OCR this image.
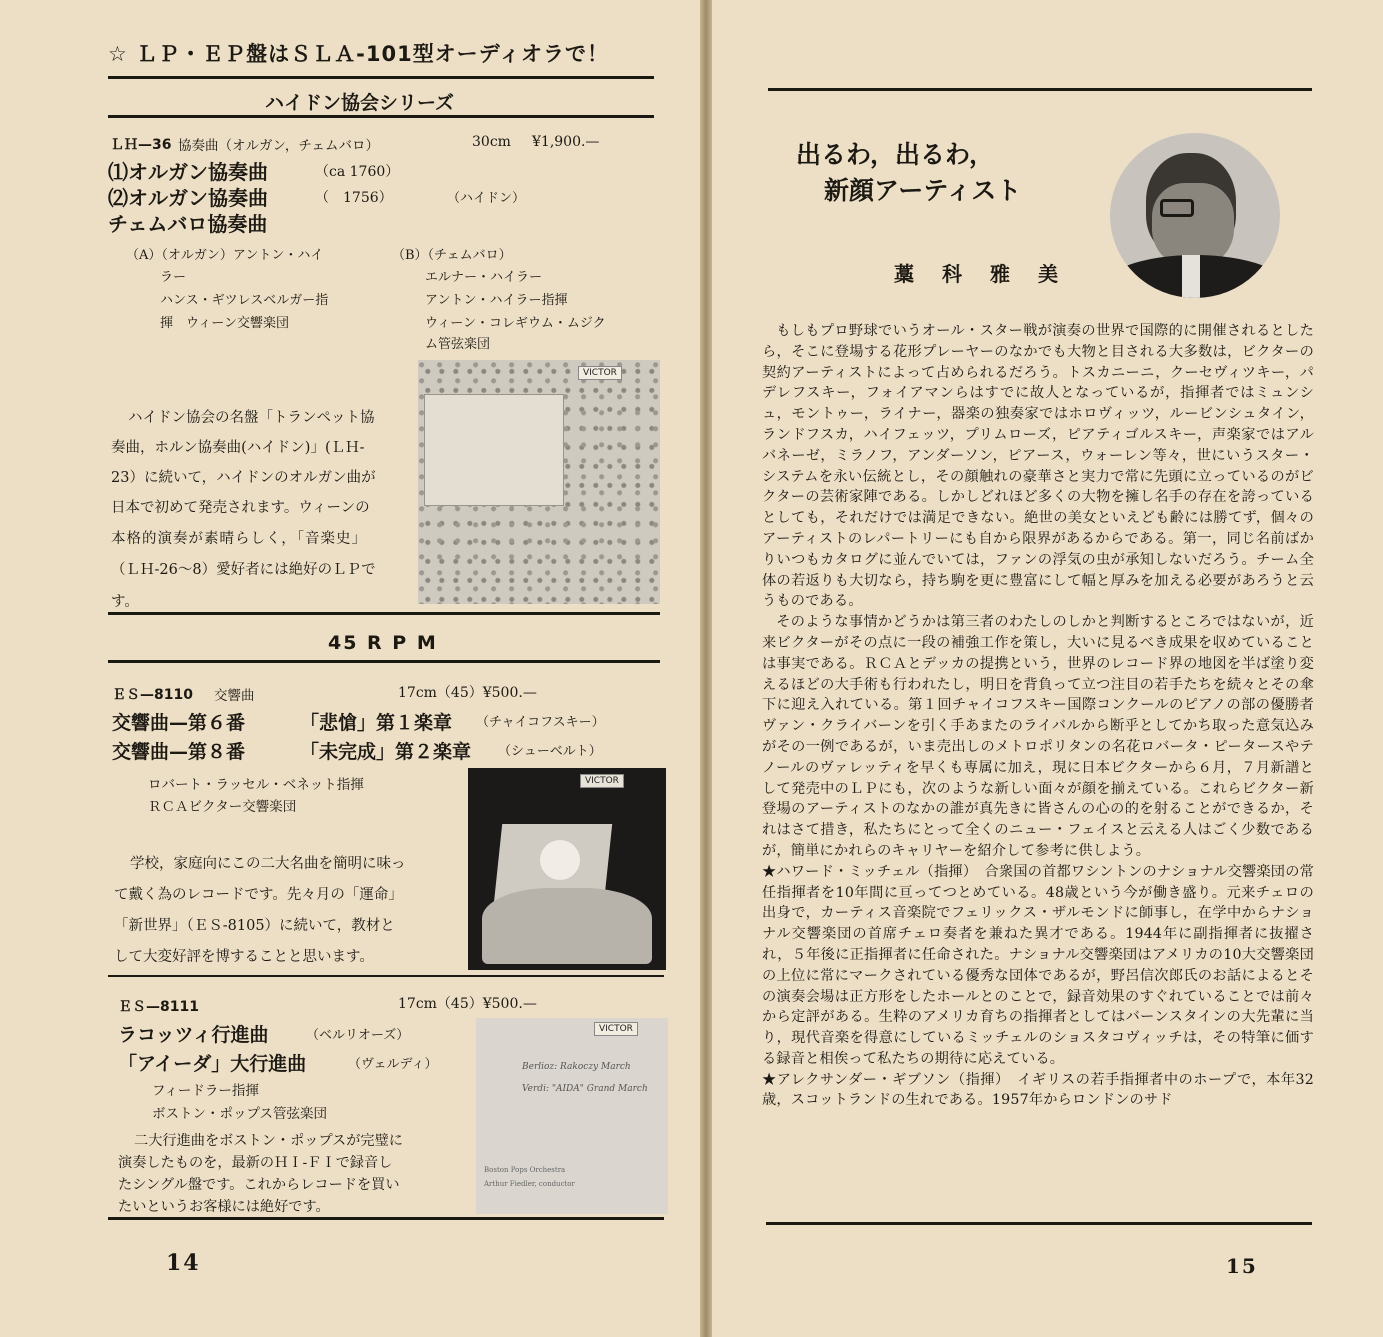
☆ ＬＰ・ＥＰ盤はＳＬＡ-101型オーディオラで！
ハイドン協会シリーズ
ＬＨ—36 協奏曲（オルガン，チェムバロ）	30cm ¥1,900.—
⑴オルガン協奏曲	（ca 1760）
⑵オルガン協奏曲	（　1756）	（ハイドン）
チェムバロ協奏曲
（A）（オルガン）アントン・ハイ
ラー
ハンス・ギツレスベルガー指
揮　ウィーン交響楽団
（B）（チェムバロ）
エルナー・ハイラー
アントン・ハイラー指揮
ウィーン・コレギウム・ムジク
ム管弦楽団
VICTOR
ハイドン協会の名盤「トランペット協
奏曲，ホルン協奏曲(ハイドン)」(ＬＨ-
23）に続いて，ハイドンのオルガン曲が
日本で初めて発売されます。ウィーンの
本格的演奏が素晴らしく，「音楽史」
（ＬＨ-26〜8）愛好者には絶好のＬＰで
す。
45 R P M
ＥＳ—8110 交響曲	17cm（45）¥500.—
交響曲—第６番	「悲愴」第１楽章 （チャイコフスキー）
交響曲—第８番	「未完成」第２楽章 （シューベルト）
ロバート・ラッセル・ベネット指揮
ＲＣＡビクター交響楽団
VICTOR
学校，家庭向にこの二大名曲を簡明に味っ
て戴く為のレコードです。先々月の「運命」
「新世界」（ＥＳ-8105）に続いて，教材と
して大変好評を博することと思います。
ＥＳ—8111	17cm（45）¥500.—
ラコッツィ行進曲	（ベルリオーズ）
「アイーダ」大行進曲	（ヴェルディ）
フィードラー指揮
ボストン・ポップス管弦楽団
VICTOR
Berlioz: Rakoczy March
Verdi: "AIDA" Grand March
Boston Pops Orchestra
Arthur Fiedler, conductor
二大行進曲をボストン・ポップスが完璧に
演奏したものを，最新のＨＩ-ＦＩで録音し
たシングル盤です。これからレコードを買い
たいというお客様には絶好です。
14
出るわ，出るわ，
新顔アーティスト
藁　科　雅　美

もしもプロ野球でいうオール・スター戦が演奏の世界で国際的に開催されるとしたら，そこに登場する花形プレーヤーのなかでも大物と目される大多数は，ビクターの契約アーティストによって占められるだろう。トスカニーニ，クーセヴィツキー，パデレフスキー，フォイアマンらはすでに故人となっているが，指揮者ではミュンシュ，モントゥー，ライナー，器楽の独奏家ではホロヴィッツ，ルービンシュタイン，ランドフスカ，ハイフェッツ，プリムローズ，ピアティゴルスキー，声楽家ではアルバネーゼ，ミラノフ，アンダーソン，ピアース，ウォーレン等々，世にいうスター・システムを永い伝統とし，その顔触れの豪華さと実力で常に先頭に立っているのがビクターの芸術家陣である。しかしどれほど多くの大物を擁し名手の存在を誇っているとしても，それだけでは満足できない。絶世の美女といえども齢には勝てず，個々のアーティストのレパートリーにも自から限界があるからである。第一，同じ名前ばかりいつもカタログに並んでいては，ファンの浮気の虫が承知しないだろう。チーム全体の若返りも大切なら，持ち駒を更に豊富にして幅と厚みを加える必要があろうと云うものである。

そのような事情かどうかは第三者のわたしのしかと判断するところではないが，近来ビクターがその点に一段の補強工作を策し，大いに見るべき成果を収めていることは事実である。ＲＣＡとデッカの提携という，世界のレコード界の地図を半ば塗り変えるほどの大手術も行われたし，明日を背負って立つ注目の若手たちを続々とその傘下に迎え入れている。第１回チャイコフスキー国際コンクールのピアノの部の優勝者ヴァン・クライバーンを引く手あまたのライバルから断乎としてかち取った意気込みがその一例であるが，いま売出しのメトロポリタンの名花ロバータ・ピータースやテノールのヴァレッティを早くも専属に加え，現に日本ビクターから６月，７月新譜として発売中のＬＰにも，次のような新しい面々が顔を揃えている。これらビクター新登場のアーティストのなかの誰が真先きに皆さんの心の的を射ることができるか，それはさて措き，私たちにとって全くのニュー・フェイスと云える人はごく少数であるが，簡単にかれらのキャリヤーを紹介して参考に供しよう。

★ハワード・ミッチェル（指揮）　合衆国の首都ワシントンのナショナル交響楽団の常任指揮者を10年間に亘ってつとめている。48歳という今が働き盛り。元来チェロの出身で，カーティス音楽院でフェリックス・ザルモンドに師事し，在学中からナショナル交響楽団の首席チェロ奏者を兼ねた異才である。1944年に副指揮者に抜擢され，５年後に正指揮者に任命された。ナショナル交響楽団はアメリカの10大交響楽団の上位に常にマークされている優秀な団体であるが，野呂信次郎氏のお話によるとその演奏会場は正方形をしたホールとのことで，録音効果のすぐれていることでは前々から定評がある。生粋のアメリカ育ちの指揮者としてはバーンスタインの大先輩に当り，現代音楽を得意にしているミッチェルのショスタコヴィッチは，その特筆に価する録音と相俟って私たちの期待に応えている。

★アレクサンダー・ギブソン（指揮）　イギリスの若手指揮者中のホープで，本年32歳，スコットランドの生れである。1957年からロンドンのサド

15
